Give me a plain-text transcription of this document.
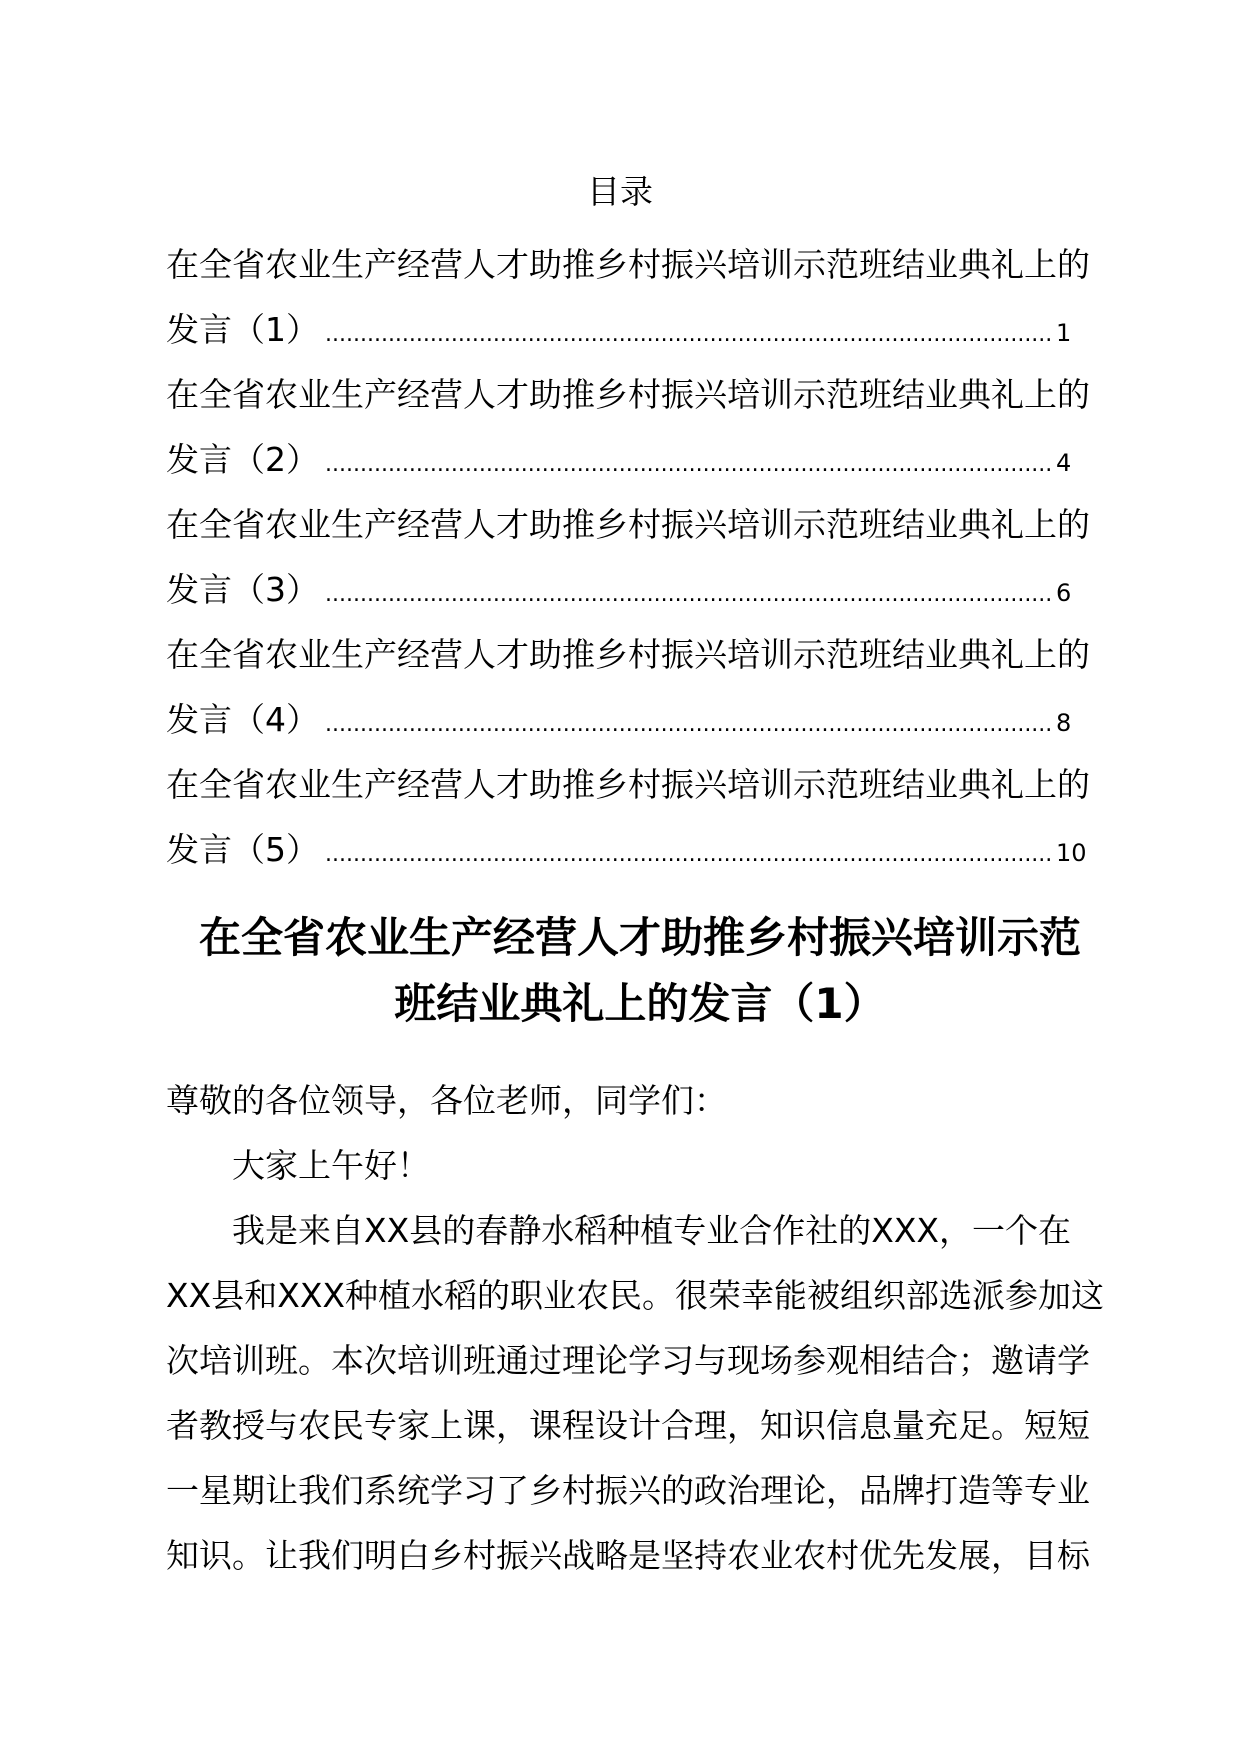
目录
在全省农业生产经营人才助推乡村振兴培训示范班结业典礼上的
发言（1） .....	1
在全省农业生产经营人才助推乡村振兴培训示范班结业典礼上的
发言（2） .....	4
在全省农业生产经营人才助推乡村振兴培训示范班结业典礼上的
发言（3） .....	6
在全省农业生产经营人才助推乡村振兴培训示范班结业典礼上的
发言（4） .....	8
在全省农业生产经营人才助推乡村振兴培训示范班结业典礼上的
发言（5） .....	10
在全省农业生产经营人才助推乡村振兴培训示范
班结业典礼上的发言（1）

尊敬的各位领导，各位老师，同学们：

大家上午好！

我是来自XX县的春静水稻种植专业合作社的XXX，一个在XX县和XXX种植水稻的职业农民。很荣幸能被组织部选派参加这次培训班。本次培训班通过理论学习与现场参观相结合；邀请学者教授与农民专家上课，课程设计合理，知识信息量充足。短短一星期让我们系统学习了乡村振兴的政治理论，品牌打造等专业知识。让我们明白乡村振兴战略是坚持农业农村优先发展，目标
